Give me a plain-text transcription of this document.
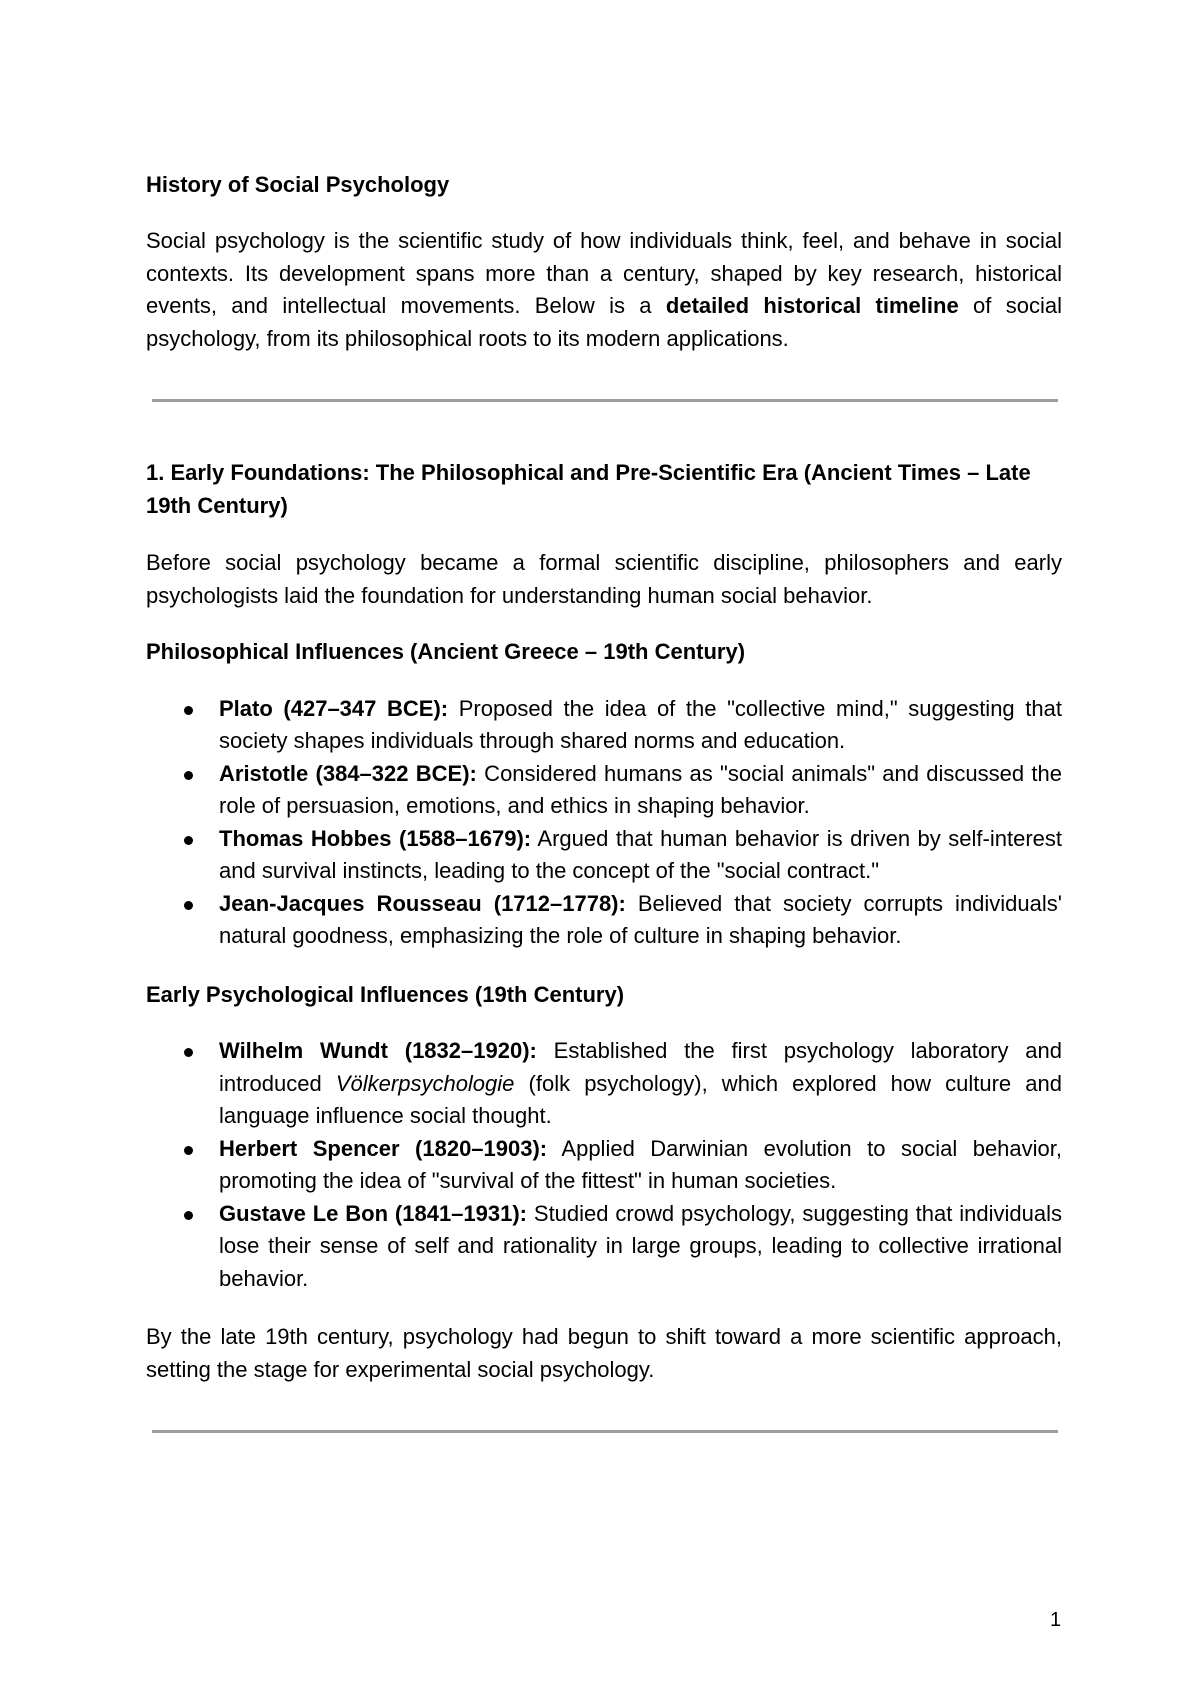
History of Social Psychology

Social psychology is the scientific study of how individuals think, feel, and behave in social contexts. Its development spans more than a century, shaped by key research, historical events, and intellectual movements. Below is a detailed historical timeline of social psychology, from its philosophical roots to its modern applications.

1. Early Foundations: The Philosophical and Pre-Scientific Era (Ancient Times – Late 19th Century)

Before social psychology became a formal scientific discipline, philosophers and early psychologists laid the foundation for understanding human social behavior.

Philosophical Influences (Ancient Greece – 19th Century)
Plato (427–347 BCE): Proposed the idea of the "collective mind," suggesting that society shapes individuals through shared norms and education.
Aristotle (384–322 BCE): Considered humans as "social animals" and discussed the role of persuasion, emotions, and ethics in shaping behavior.
Thomas Hobbes (1588–1679): Argued that human behavior is driven by self-interest and survival instincts, leading to the concept of the "social contract."
Jean-Jacques Rousseau (1712–1778): Believed that society corrupts individuals' natural goodness, emphasizing the role of culture in shaping behavior.
Early Psychological Influences (19th Century)
Wilhelm Wundt (1832–1920): Established the first psychology laboratory and introduced Völkerpsychologie (folk psychology), which explored how culture and language influence social thought.
Herbert Spencer (1820–1903): Applied Darwinian evolution to social behavior, promoting the idea of "survival of the fittest" in human societies.
Gustave Le Bon (1841–1931): Studied crowd psychology, suggesting that individuals lose their sense of self and rationality in large groups, leading to collective irrational behavior.

By the late 19th century, psychology had begun to shift toward a more scientific approach, setting the stage for experimental social psychology.

1
